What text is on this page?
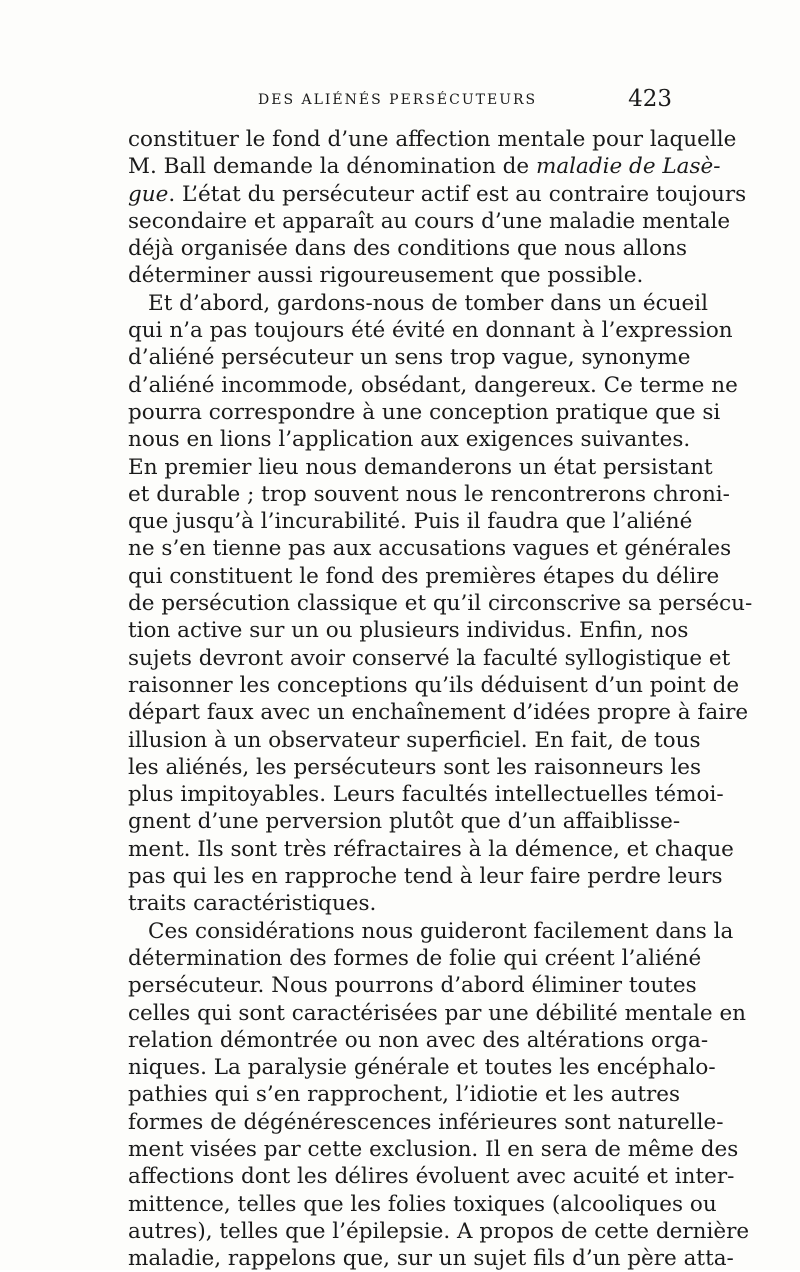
DES ALIÉNÉS PERSÉCUTEURS	423
constituer le fond d’une affection mentale pour laquelle
M. Ball demande la dénomination de maladie de Lasè-
gue. L’état du persécuteur actif est au contraire toujours
secondaire et apparaît au cours d’une maladie mentale
déjà organisée dans des conditions que nous allons
déterminer aussi rigoureusement que possible.
Et d’abord, gardons-nous de tomber dans un écueil
qui n’a pas toujours été évité en donnant à l’expression
d’aliéné persécuteur un sens trop vague, synonyme
d’aliéné incommode, obsédant, dangereux. Ce terme ne
pourra correspondre à une conception pratique que si
nous en lions l’application aux exigences suivantes.
En premier lieu nous demanderons un état persistant
et durable ; trop souvent nous le rencontrerons chroni-
que jusqu’à l’incurabilité. Puis il faudra que l’aliéné
ne s’en tienne pas aux accusations vagues et générales
qui constituent le fond des premières étapes du délire
de persécution classique et qu’il circonscrive sa persécu-
tion active sur un ou plusieurs individus. Enfin, nos
sujets devront avoir conservé la faculté syllogistique et
raisonner les conceptions qu’ils déduisent d’un point de
départ faux avec un enchaînement d’idées propre à faire
illusion à un observateur superficiel. En fait, de tous
les aliénés, les persécuteurs sont les raisonneurs les
plus impitoyables. Leurs facultés intellectuelles témoi-
gnent d’une perversion plutôt que d’un affaiblisse-
ment. Ils sont très réfractaires à la démence, et chaque
pas qui les en rapproche tend à leur faire perdre leurs
traits caractéristiques.
Ces considérations nous guideront facilement dans la
détermination des formes de folie qui créent l’aliéné
persécuteur. Nous pourrons d’abord éliminer toutes
celles qui sont caractérisées par une débilité mentale en
relation démontrée ou non avec des altérations orga-
niques. La paralysie générale et toutes les encéphalo-
pathies qui s’en rapprochent, l’idiotie et les autres
formes de dégénérescences inférieures sont naturelle-
ment visées par cette exclusion. Il en sera de même des
affections dont les délires évoluent avec acuité et inter-
mittence, telles que les folies toxiques (alcooliques ou
autres), telles que l’épilepsie. A propos de cette dernière
maladie, rappelons que, sur un sujet fils d’un père atta-
